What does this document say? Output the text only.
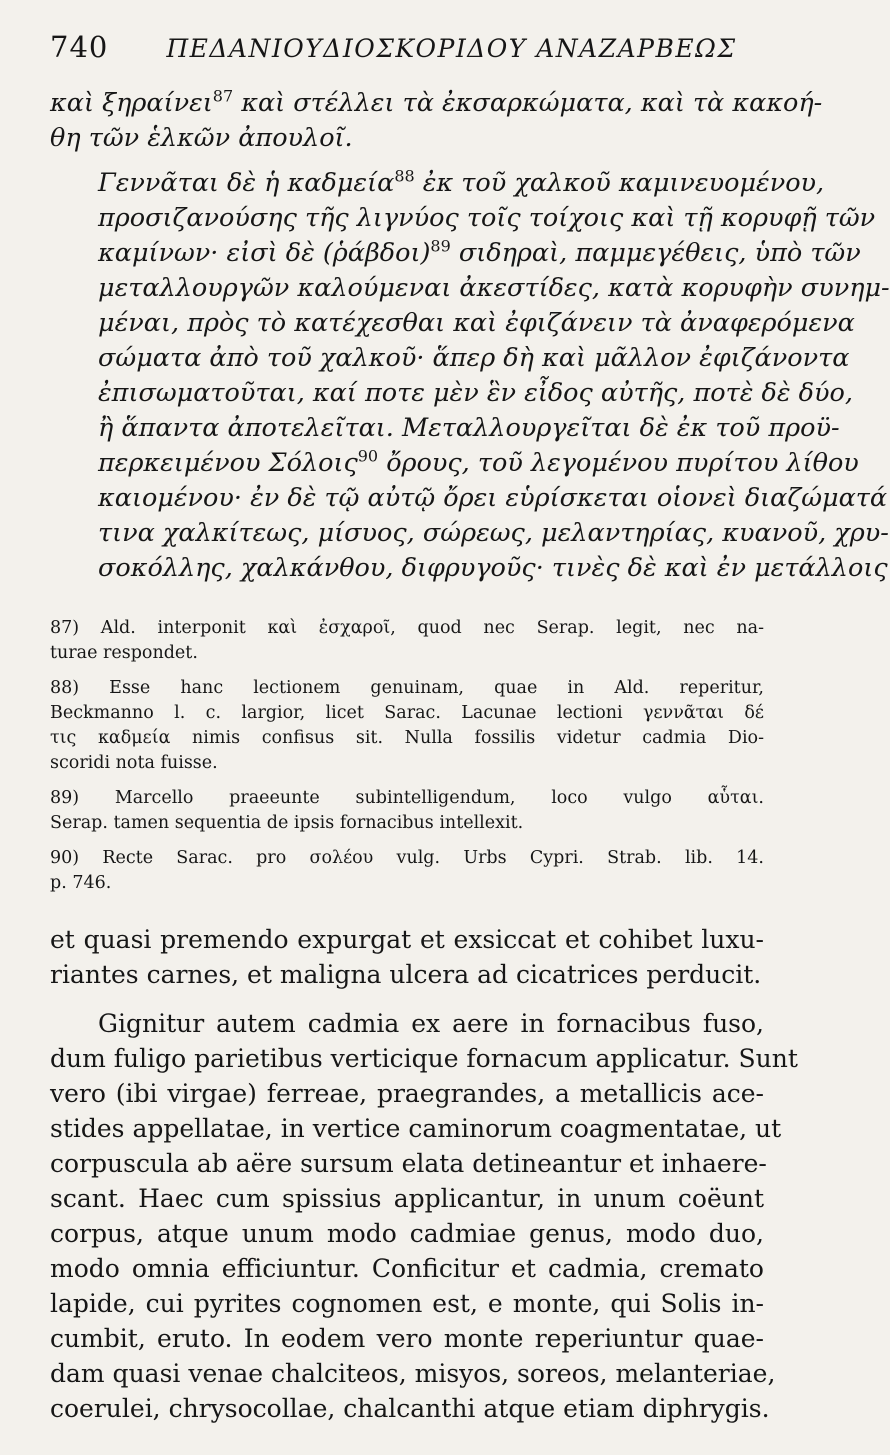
740 ΠΕΔΑΝΙΟΥΔΙΟΣΚΟΡΙΔΟΥ ΑΝΑΖΑΡΒΕΩΣ

καὶ ξηραίνει$^{87}$ καὶ στέλλει τὰ ἐκσαρκώματα, καὶ τὰ κακοή-
θη τῶν ἑλκῶν ἀπουλοῖ.

Γεννᾶται δὲ ἡ καδμεία$^{88}$ ἐκ τοῦ χαλκοῦ καμινευομένου,
προσιζανούσης τῆς λιγνύος τοῖς τοίχοις καὶ τῇ κορυφῇ τῶν
καμίνων· εἰσὶ δὲ (ῥάβδοι)$^{89}$ σιδηραὶ, παμμεγέθεις, ὑπὸ τῶν
μεταλλουργῶν καλούμεναι ἀκεστίδες, κατὰ κορυφὴν συνημ-
μέναι, πρὸς τὸ κατέχεσθαι καὶ ἐφιζάνειν τὰ ἀναφερόμενα
σώματα ἀπὸ τοῦ χαλκοῦ· ἅπερ δὴ καὶ μᾶλλον ἐφιζάνοντα
ἐπισωματοῦται, καί ποτε μὲν ἓν εἶδος αὐτῆς, ποτὲ δὲ δύο,
ἢ ἅπαντα ἀποτελεῖται. Μεταλλουργεῖται δὲ ἐκ τοῦ προϋ-
περκειμένου Σόλοις$^{90}$ ὄρους, τοῦ λεγομένου πυρίτου λίθου
καιομένου· ἐν δὲ τῷ αὐτῷ ὄρει εὑρίσκεται οἱονεὶ διαζώματά
τινα χαλκίτεως, μίσυος, σώρεως, μελαντηρίας, κυανοῦ, χρυ-
σοκόλλης, χαλκάνθου, διφρυγοῦς· τινὲς δὲ καὶ ἐν μετάλλοις

87) Ald. interponit καὶ ἐσχαροῖ, quod nec Serap. legit, nec na-
turae respondet.
88) Esse hanc lectionem genuinam, quae in Ald. reperitur,
Beckmanno l. c. largior, licet Sarac. Lacunae lectioni γεννᾶται δέ
τις καδμεία nimis confisus sit. Nulla fossilis videtur cadmia Dio-
scoridi nota fuisse.
89) Marcello praeeunte subintelligendum, loco vulgo αὗται.
Serap. tamen sequentia de ipsis fornacibus intellexit.
90) Recte Sarac. pro σολέου vulg. Urbs Cypri. Strab. lib. 14.
p. 746.
et quasi premendo expurgat et exsiccat et cohibet luxu-
riantes carnes, et maligna ulcera ad cicatrices perducit.
Gignitur autem cadmia ex aere in fornacibus fuso,
dum fuligo parietibus verticique fornacum applicatur. Sunt
vero (ibi virgae) ferreae, praegrandes, a metallicis ace-
stides appellatae, in vertice caminorum coagmentatae, ut
corpuscula ab aëre sursum elata detineantur et inhaere-
scant. Haec cum spissius applicantur, in unum coëunt
corpus, atque unum modo cadmiae genus, modo duo,
modo omnia efficiuntur. Conficitur et cadmia, cremato
lapide, cui pyrites cognomen est, e monte, qui Solis in-
cumbit, eruto. In eodem vero monte reperiuntur quae-
dam quasi venae chalciteos, misyos, soreos, melanteriae,
coerulei, chrysocollae, chalcanthi atque etiam diphrygis.
